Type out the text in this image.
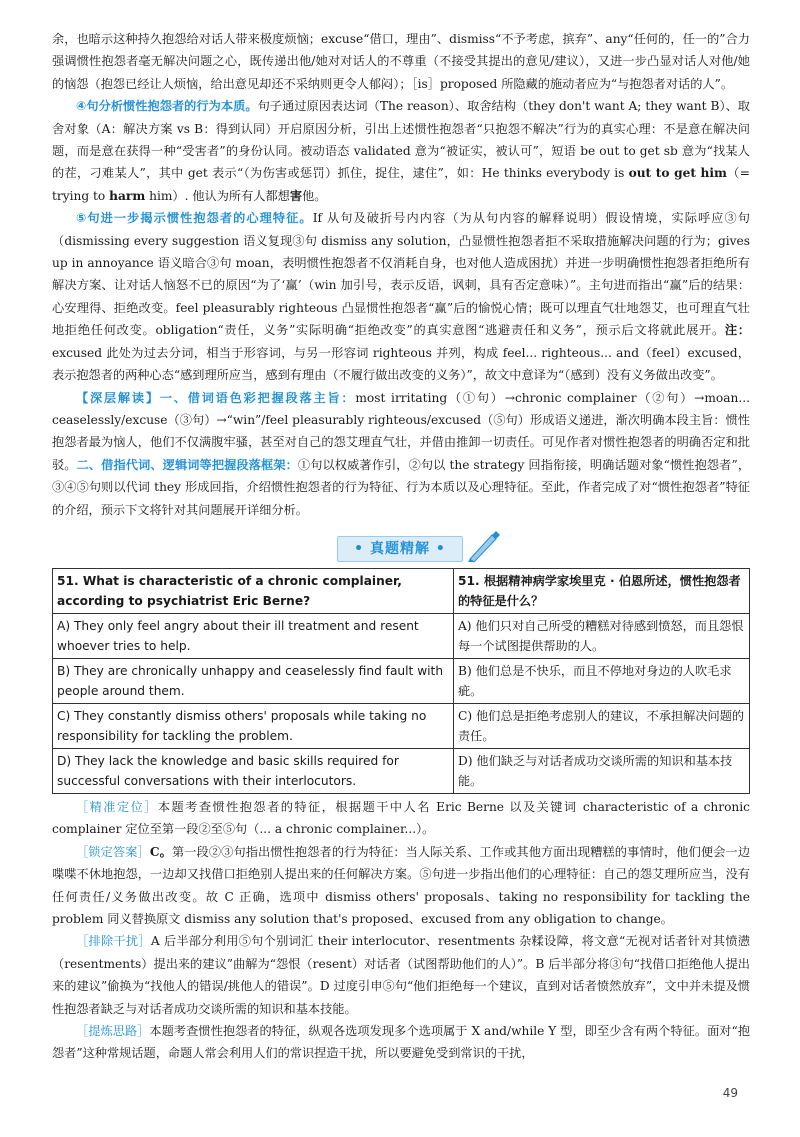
余，也暗示这种持久抱怨给对话人带来极度烦恼；excuse“借口，理由”、dismiss“不予考虑，摈弃”、any“任何的，任一的”合力强调惯性抱怨者毫无解决问题之心，既传递出他/她对对话人的不尊重（不接受其提出的意见/建议），又进一步凸显对话人对他/她的恼怨（抱怨已经让人烦恼，给出意见却还不采纳则更令人郁闷）；［is］proposed 所隐藏的施动者应为“与抱怨者对话的人”。

④句分析惯性抱怨者的行为本质。句子通过原因表达词（The reason）、取舍结构（they don't want A; they want B）、取舍对象（A：解决方案 vs B：得到认同）开启原因分析，引出上述惯性抱怨者“只抱怨不解决”行为的真实心理：不是意在解决问题，而是意在获得一种“受害者”的身份认同。被动语态 validated 意为“被证实，被认可”，短语 be out to get sb 意为“找某人的茬，刁难某人”，其中 get 表示“（为伤害或惩罚）抓住，捉住，逮住”，如：He thinks everybody is out to get him（= trying to harm him）. 他认为所有人都想害他。

⑤句进一步揭示惯性抱怨者的心理特征。If 从句及破折号内内容（为从句内容的解释说明）假设情境，实际呼应③句（dismissing every suggestion 语义复现③句 dismiss any solution，凸显惯性抱怨者拒不采取措施解决问题的行为；gives up in annoyance 语义暗合③句 moan，表明惯性抱怨者不仅消耗自身，也对他人造成困扰）并进一步明确惯性抱怨者拒绝所有解决方案、让对话人恼怒不已的原因“为了‘赢’（win 加引号，表示反语，讽刺，具有否定意味）”。主句进而指出“赢”后的结果：心安理得、拒绝改变。feel pleasurably righteous 凸显惯性抱怨者“赢”后的愉悦心情；既可以理直气壮地怨艾，也可理直气壮地拒绝任何改变。obligation“责任，义务”实际明确“拒绝改变”的真实意图“逃避责任和义务”，预示后文将就此展开。注：excused 此处为过去分词，相当于形容词，与另一形容词 righteous 并列，构成 feel... righteous... and（feel）excused，表示抱怨者的两种心态“感到理所应当，感到有理由（不履行做出改变的义务）”，故文中意译为“（感到）没有义务做出改变”。

【深层解读】一、借词语色彩把握段落主旨：most irritating（①句）→chronic complainer（②句）→moan... ceaselessly/excuse（③句）→“win”/feel pleasurably righteous/excused（⑤句）形成语义递进，渐次明确本段主旨：惯性抱怨者最为恼人，他们不仅满腹牢骚，甚至对自己的怨艾理直气壮，并借由推卸一切责任。可见作者对惯性抱怨者的明确否定和批驳。二、借指代词、逻辑词等把握段落框架：①句以权威著作引，②句以 the strategy 回指衔接，明确话题对象“惯性抱怨者”，③④⑤句则以代词 they 形成回指，介绍惯性抱怨者的行为特征、行为本质以及心理特征。至此，作者完成了对“惯性抱怨者”特征的介绍，预示下文将针对其问题展开详细分析。

• 真题精解 •
51. What is characteristic of a chronic complainer, according to psychiatrist Eric Berne?	51. 根据精神病学家埃里克 · 伯恩所述，惯性抱怨者的特征是什么？
A) They only feel angry about their ill treatment and resent whoever tries to help.	A) 他们只对自己所受的糟糕对待感到愤怒，而且怨恨每一个试图提供帮助的人。
B) They are chronically unhappy and ceaselessly find fault with people around them.	B) 他们总是不快乐，而且不停地对身边的人吹毛求疵。
C) They constantly dismiss others' proposals while taking no responsibility for tackling the problem.	C) 他们总是拒绝考虑别人的建议，不承担解决问题的责任。
D) They lack the knowledge and basic skills required for successful conversations with their interlocutors.	D) 他们缺乏与对话者成功交谈所需的知识和基本技能。

［精准定位］本题考查惯性抱怨者的特征，根据题干中人名 Eric Berne 以及关键词 characteristic of a chronic complainer 定位至第一段②至⑤句（... a chronic complainer...）。

［锁定答案］C。第一段②③句指出惯性抱怨者的行为特征：当人际关系、工作或其他方面出现糟糕的事情时，他们便会一边喋喋不休地抱怨，一边却又找借口拒绝别人提出来的任何解决方案。⑤句进一步指出他们的心理特征：自己的怨艾理所应当，没有任何责任/义务做出改变。故 C 正确，选项中 dismiss others' proposals、taking no responsibility for tackling the problem 同义替换原文 dismiss any solution that's proposed、excused from any obligation to change。

［排除干扰］A 后半部分利用⑤句个别词汇 their interlocutor、resentments 杂糅设障，将文意“无视对话者针对其愤懑（resentments）提出来的建议”曲解为“怨恨（resent）对话者（试图帮助他们的人）”。B 后半部分将③句“找借口拒绝他人提出来的建议”偷换为“找他人的错误/挑他人的错误”。D 过度引申⑤句“他们拒绝每一个建议，直到对话者愤然放弃”，文中并未提及惯性抱怨者缺乏与对话者成功交谈所需的知识和基本技能。

［提炼思路］本题考查惯性抱怨者的特征，纵观各选项发现多个选项属于 X and/while Y 型，即至少含有两个特征。面对“抱怨者”这种常规话题，命题人常会利用人们的常识捏造干扰，所以要避免受到常识的干扰，

49
